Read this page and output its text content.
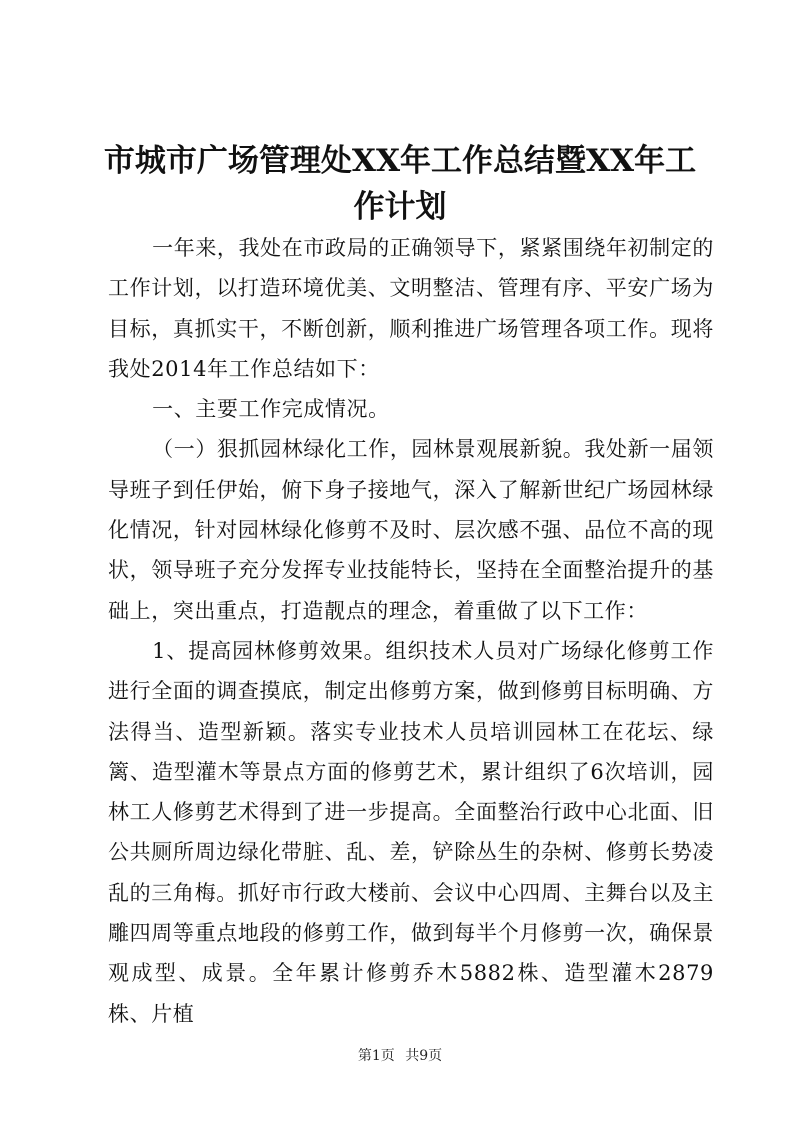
市城市广场管理处XX年工作总结暨XX年工作计划

一年来，我处在市政局的正确领导下，紧紧围绕年初制定的工作计划，以打造环境优美、文明整洁、管理有序、平安广场为目标，真抓实干，不断创新，顺利推进广场管理各项工作。现将我处2014年工作总结如下：

一、主要工作完成情况。

（一）狠抓园林绿化工作，园林景观展新貌。我处新一届领导班子到任伊始，俯下身子接地气，深入了解新世纪广场园林绿化情况，针对园林绿化修剪不及时、层次感不强、品位不高的现状，领导班子充分发挥专业技能特长，坚持在全面整治提升的基础上，突出重点，打造靓点的理念，着重做了以下工作：

1、提高园林修剪效果。组织技术人员对广场绿化修剪工作进行全面的调查摸底，制定出修剪方案，做到修剪目标明确、方法得当、造型新颖。落实专业技术人员培训园林工在花坛、绿篱、造型灌木等景点方面的修剪艺术，累计组织了6次培训，园林工人修剪艺术得到了进一步提高。全面整治行政中心北面、旧公共厕所周边绿化带脏、乱、差，铲除丛生的杂树、修剪长势凌乱的三角梅。抓好市行政大楼前、会议中心四周、主舞台以及主雕四周等重点地段的修剪工作，做到每半个月修剪一次，确保景观成型、成景。全年累计修剪乔木5882株、造型灌木2879株、片植

第1页 共9页
